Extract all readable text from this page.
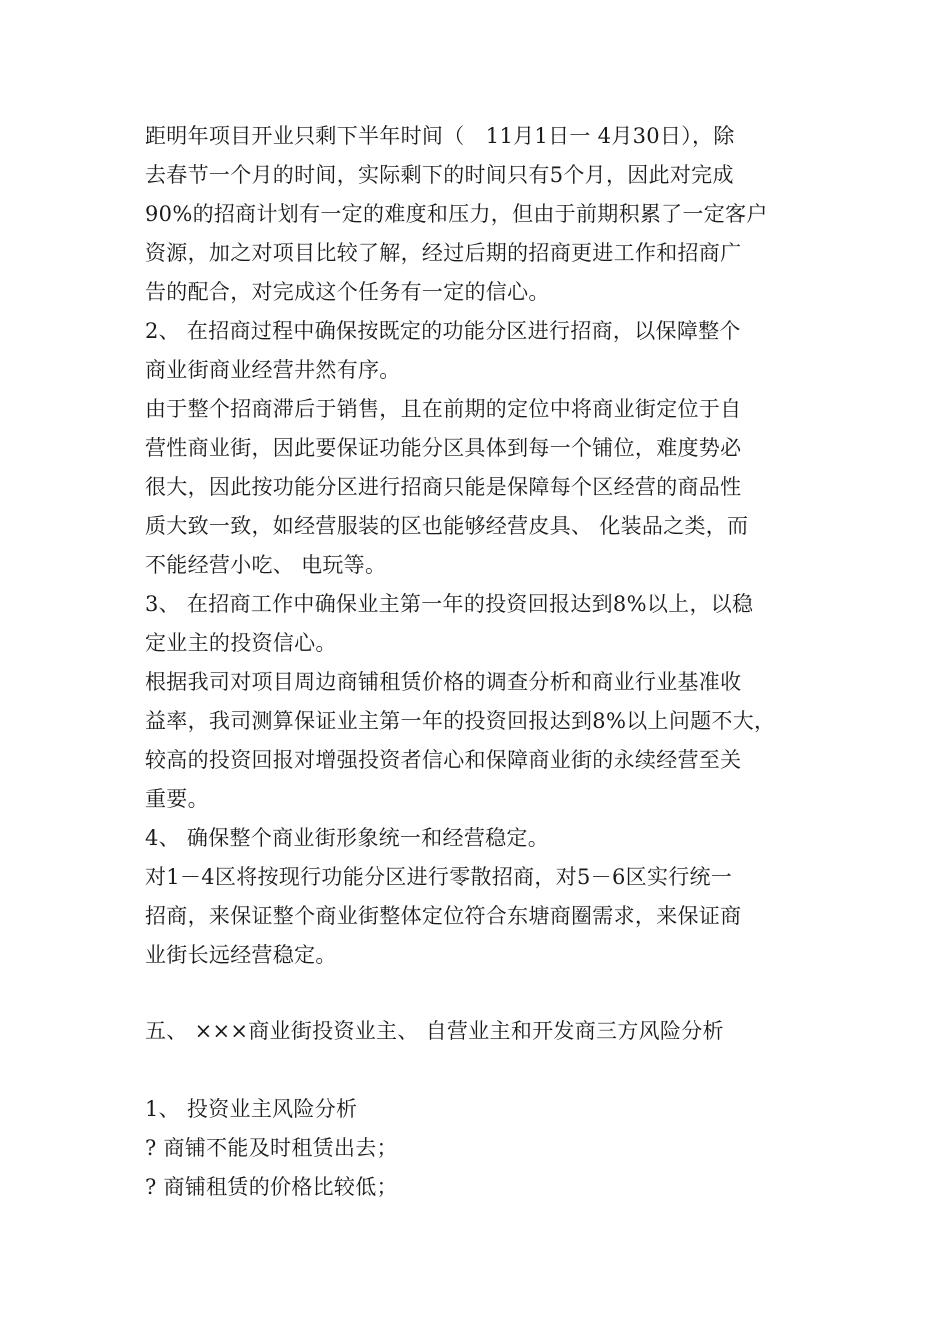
距明年项目开业只剩下半年时间（　11月1日一 4月30日），除
去春节一个月的时间，实际剩下的时间只有5个月，因此对完成
90%的招商计划有一定的难度和压力，但由于前期积累了一定客户
资源，加之对项目比较了解，经过后期的招商更进工作和招商广
告的配合，对完成这个任务有一定的信心。
2、 在招商过程中确保按既定的功能分区进行招商，以保障整个
商业街商业经营井然有序。
由于整个招商滞后于销售，且在前期的定位中将商业街定位于自
营性商业街，因此要保证功能分区具体到每一个铺位，难度势必
很大，因此按功能分区进行招商只能是保障每个区经营的商品性
质大致一致，如经营服装的区也能够经营皮具、 化装品之类，而
不能经营小吃、 电玩等。
3、 在招商工作中确保业主第一年的投资回报达到8%以上，以稳
定业主的投资信心。
根据我司对项目周边商铺租赁价格的调查分析和商业行业基准收
益率，我司测算保证业主第一年的投资回报达到8%以上问题不大，
较高的投资回报对增强投资者信心和保障商业街的永续经营至关
重要。
4、 确保整个商业街形象统一和经营稳定。
对1－4区将按现行功能分区进行零散招商，对5－6区实行统一
招商，来保证整个商业街整体定位符合东塘商圈需求，来保证商
业街长远经营稳定。
五、 ×××商业街投资业主、 自营业主和开发商三方风险分析
1、 投资业主风险分析
? 商铺不能及时租赁出去；
? 商铺租赁的价格比较低；
